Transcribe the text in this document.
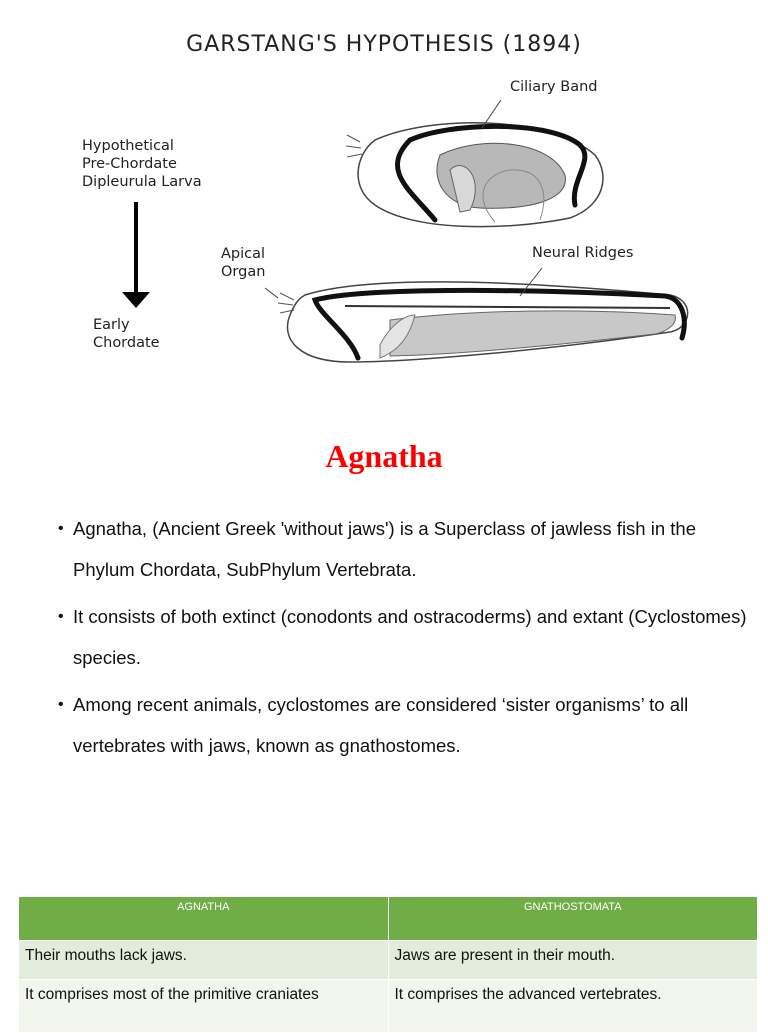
GARSTANG'S HYPOTHESIS (1894)
Ciliary Band
Hypothetical
Pre-Chordate
Dipleurula Larva
Apical
Organ
Neural Ridges
Early
Chordate
Agnatha
• Agnatha, (Ancient Greek 'without jaws') is a Superclass of jawless fish in the Phylum Chordata, SubPhylum Vertebrata.
• It consists of both extinct (conodonts and ostracoderms) and extant (Cyclostomes) species.
• Among recent animals, cyclostomes are considered ‘sister organisms’ to all vertebrates with jaws, known as gnathostomes.
AGNATHA	GNATHOSTOMATA
Their mouths lack jaws.	Jaws are present in their mouth.
It comprises most of the primitive craniates	It comprises the advanced vertebrates.
